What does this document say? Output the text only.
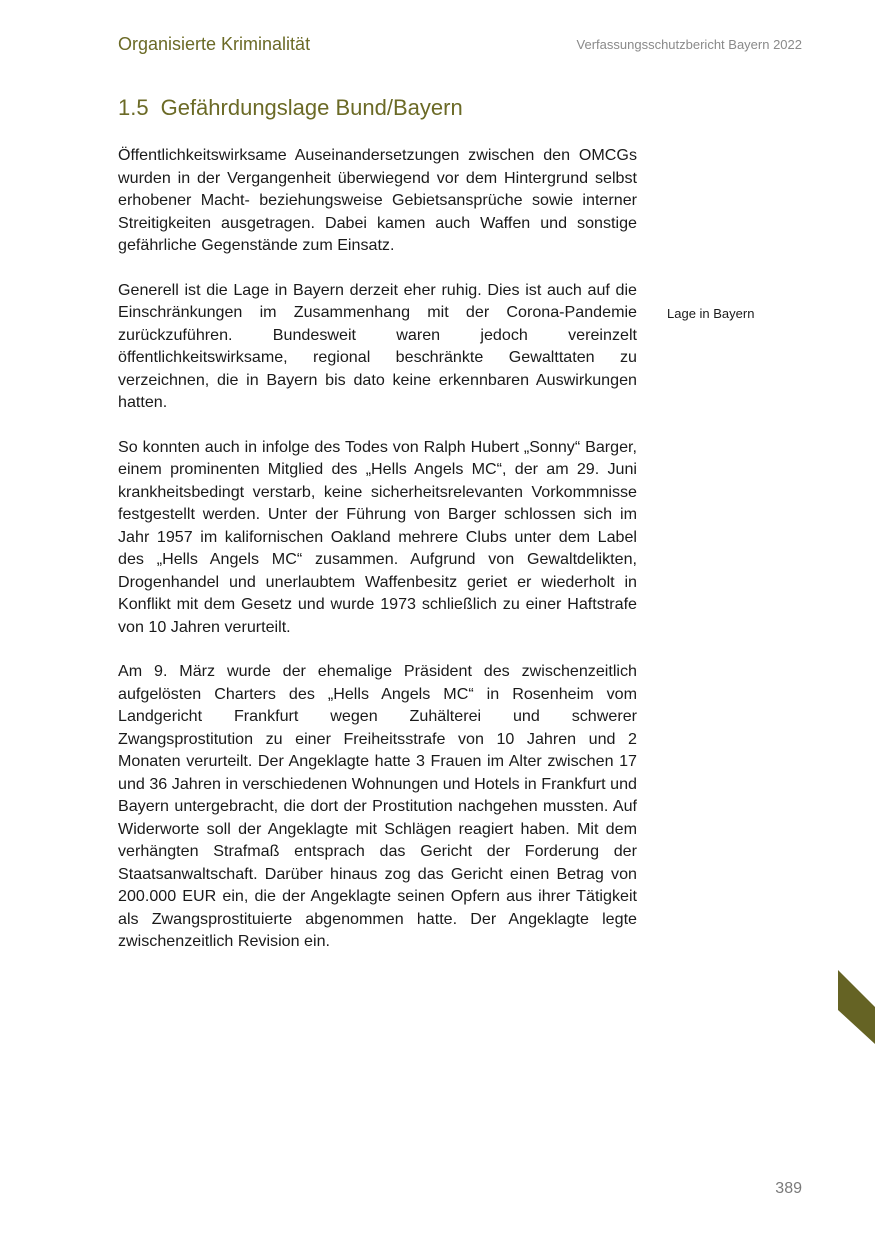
Organisierte Kriminalität	Verfassungsschutzbericht Bayern 2022
1.5 Gefährdungslage Bund/Bayern

Öffentlichkeitswirksame Auseinandersetzungen zwischen den OMCGs wurden in der Vergangenheit überwiegend vor dem Hintergrund selbst erhobener Macht- beziehungsweise Gebietsansprüche sowie interner Streitigkeiten ausgetragen. Dabei kamen auch Waffen und sonstige gefährliche Gegenstände zum Einsatz.

Generell ist die Lage in Bayern derzeit eher ruhig. Dies ist auch auf die Einschränkungen im Zusammenhang mit der Corona-Pandemie zurückzuführen. Bundesweit waren jedoch vereinzelt öffentlichkeitswirksame, regional beschränkte Gewalttaten zu verzeichnen, die in Bayern bis dato keine erkennbaren Auswirkungen hatten.

So konnten auch in infolge des Todes von Ralph Hubert „Sonny“ Barger, einem prominenten Mitglied des „Hells Angels MC“, der am 29. Juni krankheitsbedingt verstarb, keine sicherheitsrelevanten Vorkommnisse festgestellt werden. Unter der Führung von Barger schlossen sich im Jahr 1957 im kalifornischen Oakland mehrere Clubs unter dem Label des „Hells Angels MC“ zusammen. Aufgrund von Gewaltdelikten, Drogenhandel und unerlaubtem Waffenbesitz geriet er wiederholt in Konflikt mit dem Gesetz und wurde 1973 schließlich zu einer Haftstrafe von 10 Jahren verurteilt.

Am 9. März wurde der ehemalige Präsident des zwischenzeitlich aufgelösten Charters des „Hells Angels MC“ in Rosenheim vom Landgericht Frankfurt wegen Zuhälterei und schwerer Zwangsprostitution zu einer Freiheitsstrafe von 10 Jahren und 2 Monaten verurteilt. Der Angeklagte hatte 3 Frauen im Alter zwischen 17 und 36 Jahren in verschiedenen Wohnungen und Hotels in Frankfurt und Bayern untergebracht, die dort der Prostitution nachgehen mussten. Auf Widerworte soll der Angeklagte mit Schlägen reagiert haben. Mit dem verhängten Strafmaß entsprach das Gericht der Forderung der Staatsanwaltschaft. Darüber hinaus zog das Gericht einen Betrag von 200.000 EUR ein, die der Angeklagte seinen Opfern aus ihrer Tätigkeit als Zwangsprostituierte abgenommen hatte. Der Angeklagte legte zwischenzeitlich Revision ein.

Lage in Bayern
389
